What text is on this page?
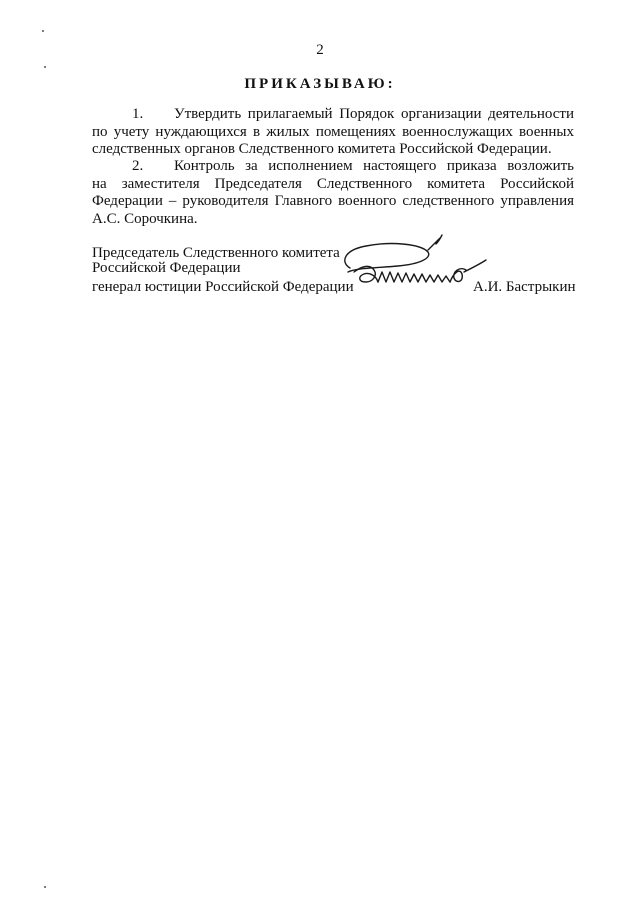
2
ПРИКАЗЫВАЮ:
1. Утвердить прилагаемый Порядок организации деятельности
по учету нуждающихся в жилых помещениях военнослужащих военных
следственных органов Следственного комитета Российской Федерации.
2. Контроль за исполнением настоящего приказа возложить
на заместителя Председателя Следственного комитета Российской
Федерации – руководителя Главного военного следственного управления
А.С. Сорочкина.
Председатель Следственного комитета
Российской Федерации
генерал юстиции Российской Федерации	А.И. Бастрыкин
